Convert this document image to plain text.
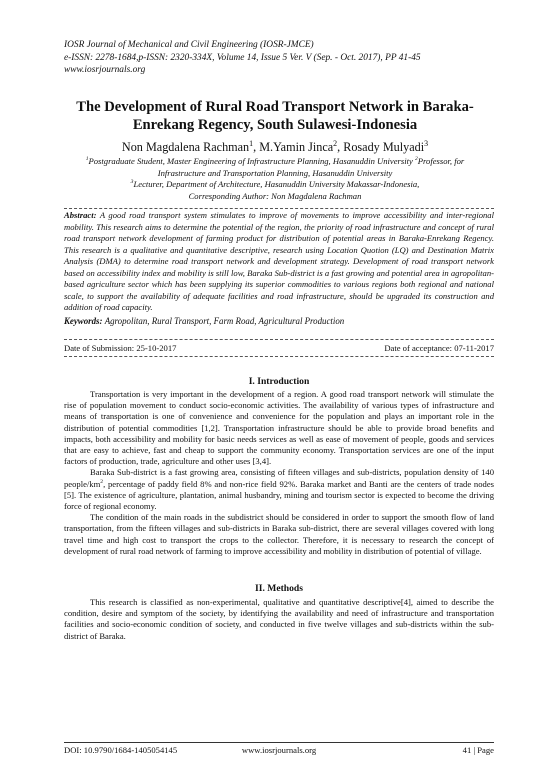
IOSR Journal of Mechanical and Civil Engineering (IOSR-JMCE)
e-ISSN: 2278-1684,p-ISSN: 2320-334X, Volume 14, Issue 5 Ver. V (Sep. - Oct. 2017), PP 41-45
www.iosrjournals.org
The Development of Rural Road Transport Network in Baraka-Enrekang Regency, South Sulawesi-Indonesia
Non Magdalena Rachman$^1$, M.Yamin Jinca$^2$, Rosady Mulyadi$^3$
$^1$Postgraduate Student, Master Engineering of Infrastructure Planning, Hasanuddin University $^2$Professor, for
Infrastructure and Transportation Planning, Hasanuddin University
$^3$Lecturer, Department of Architecture, Hasanuddin University Makassar-Indonesia,
Corresponding Author: Non Magdalena Rachman

Abstract: A good road transport system stimulates to improve of movements to improve accessibility and inter-regional mobility. This research aims to determine the potential of the region, the priority of road infrastructure and concept of rural road transport network development of farming product for distribution of potential areas in Baraka-Enrekang Regency. This research is a qualitative and quantitative descriptive, research using Location Quotion (LQ) and Destination Matrix Analysis (DMA) to determine road transport network and development strategy. Development of road transport network based on accessibility index and mobility is still low, Baraka Sub-district is a fast growing and potential area in agropolitan-based agriculture sector which has been supplying its superior commodities to various regions both regional and national scale, to support the availability of adequate facilities and road infrastructure, should be upgraded its construction and addition of road capacity.

Keywords: Agropolitan, Rural Transport, Farm Road, Agricultural Production
Date of Submission: 25-10-2017	Date of acceptance: 07-11-2017
I. Introduction

Transportation is very important in the development of a region. A good road transport network will stimulate the rise of population movement to conduct socio-economic activities. The availability of various types of infrastructure and means of transportation is one of convenience and convenience for the population and plays an important role in the distribution of potential commodities [1,2]. Transportation infrastructure should be able to provide broad benefits and impacts, both accessibility and mobility for basic needs services as well as ease of movement of people, goods and services that are easy to achieve, fast and cheap to support the community economy. Transportation services are one of the input factors of production, trade, agriculture and other uses [3,4].

Baraka Sub-district is a fast growing area, consisting of fifteen villages and sub-districts, population density of 140 people/$km^2$, percentage of paddy field 8% and non-rice field 92%. Baraka market and Banti are the centers of trade nodes [5]. The existence of agriculture, plantation, animal husbandry, mining and tourism sector is expected to become the driving force of regional economy.

The condition of the main roads in the subdistrict should be considered in order to support the smooth flow of land transportation, from the fifteen villages and sub-districts in Baraka sub-district, there are several villages covered with long travel time and high cost to transport the crops to the collector. Therefore, it is necessary to research the concept of development of rural road network of farming to improve accessibility and mobility in distribution of potential of village.

II. Methods

This research is classified as non-experimental, qualitative and quantitative descriptive[4], aimed to describe the condition, desire and symptom of the society, by identifying the availability and need of infrastructure and transportation facilities and socio-economic condition of society, and conducted in five twelve villages and sub-districts within the sub-district of Baraka.

DOI: 10.9790/1684-1405054145	www.iosrjournals.org	41 | Page
